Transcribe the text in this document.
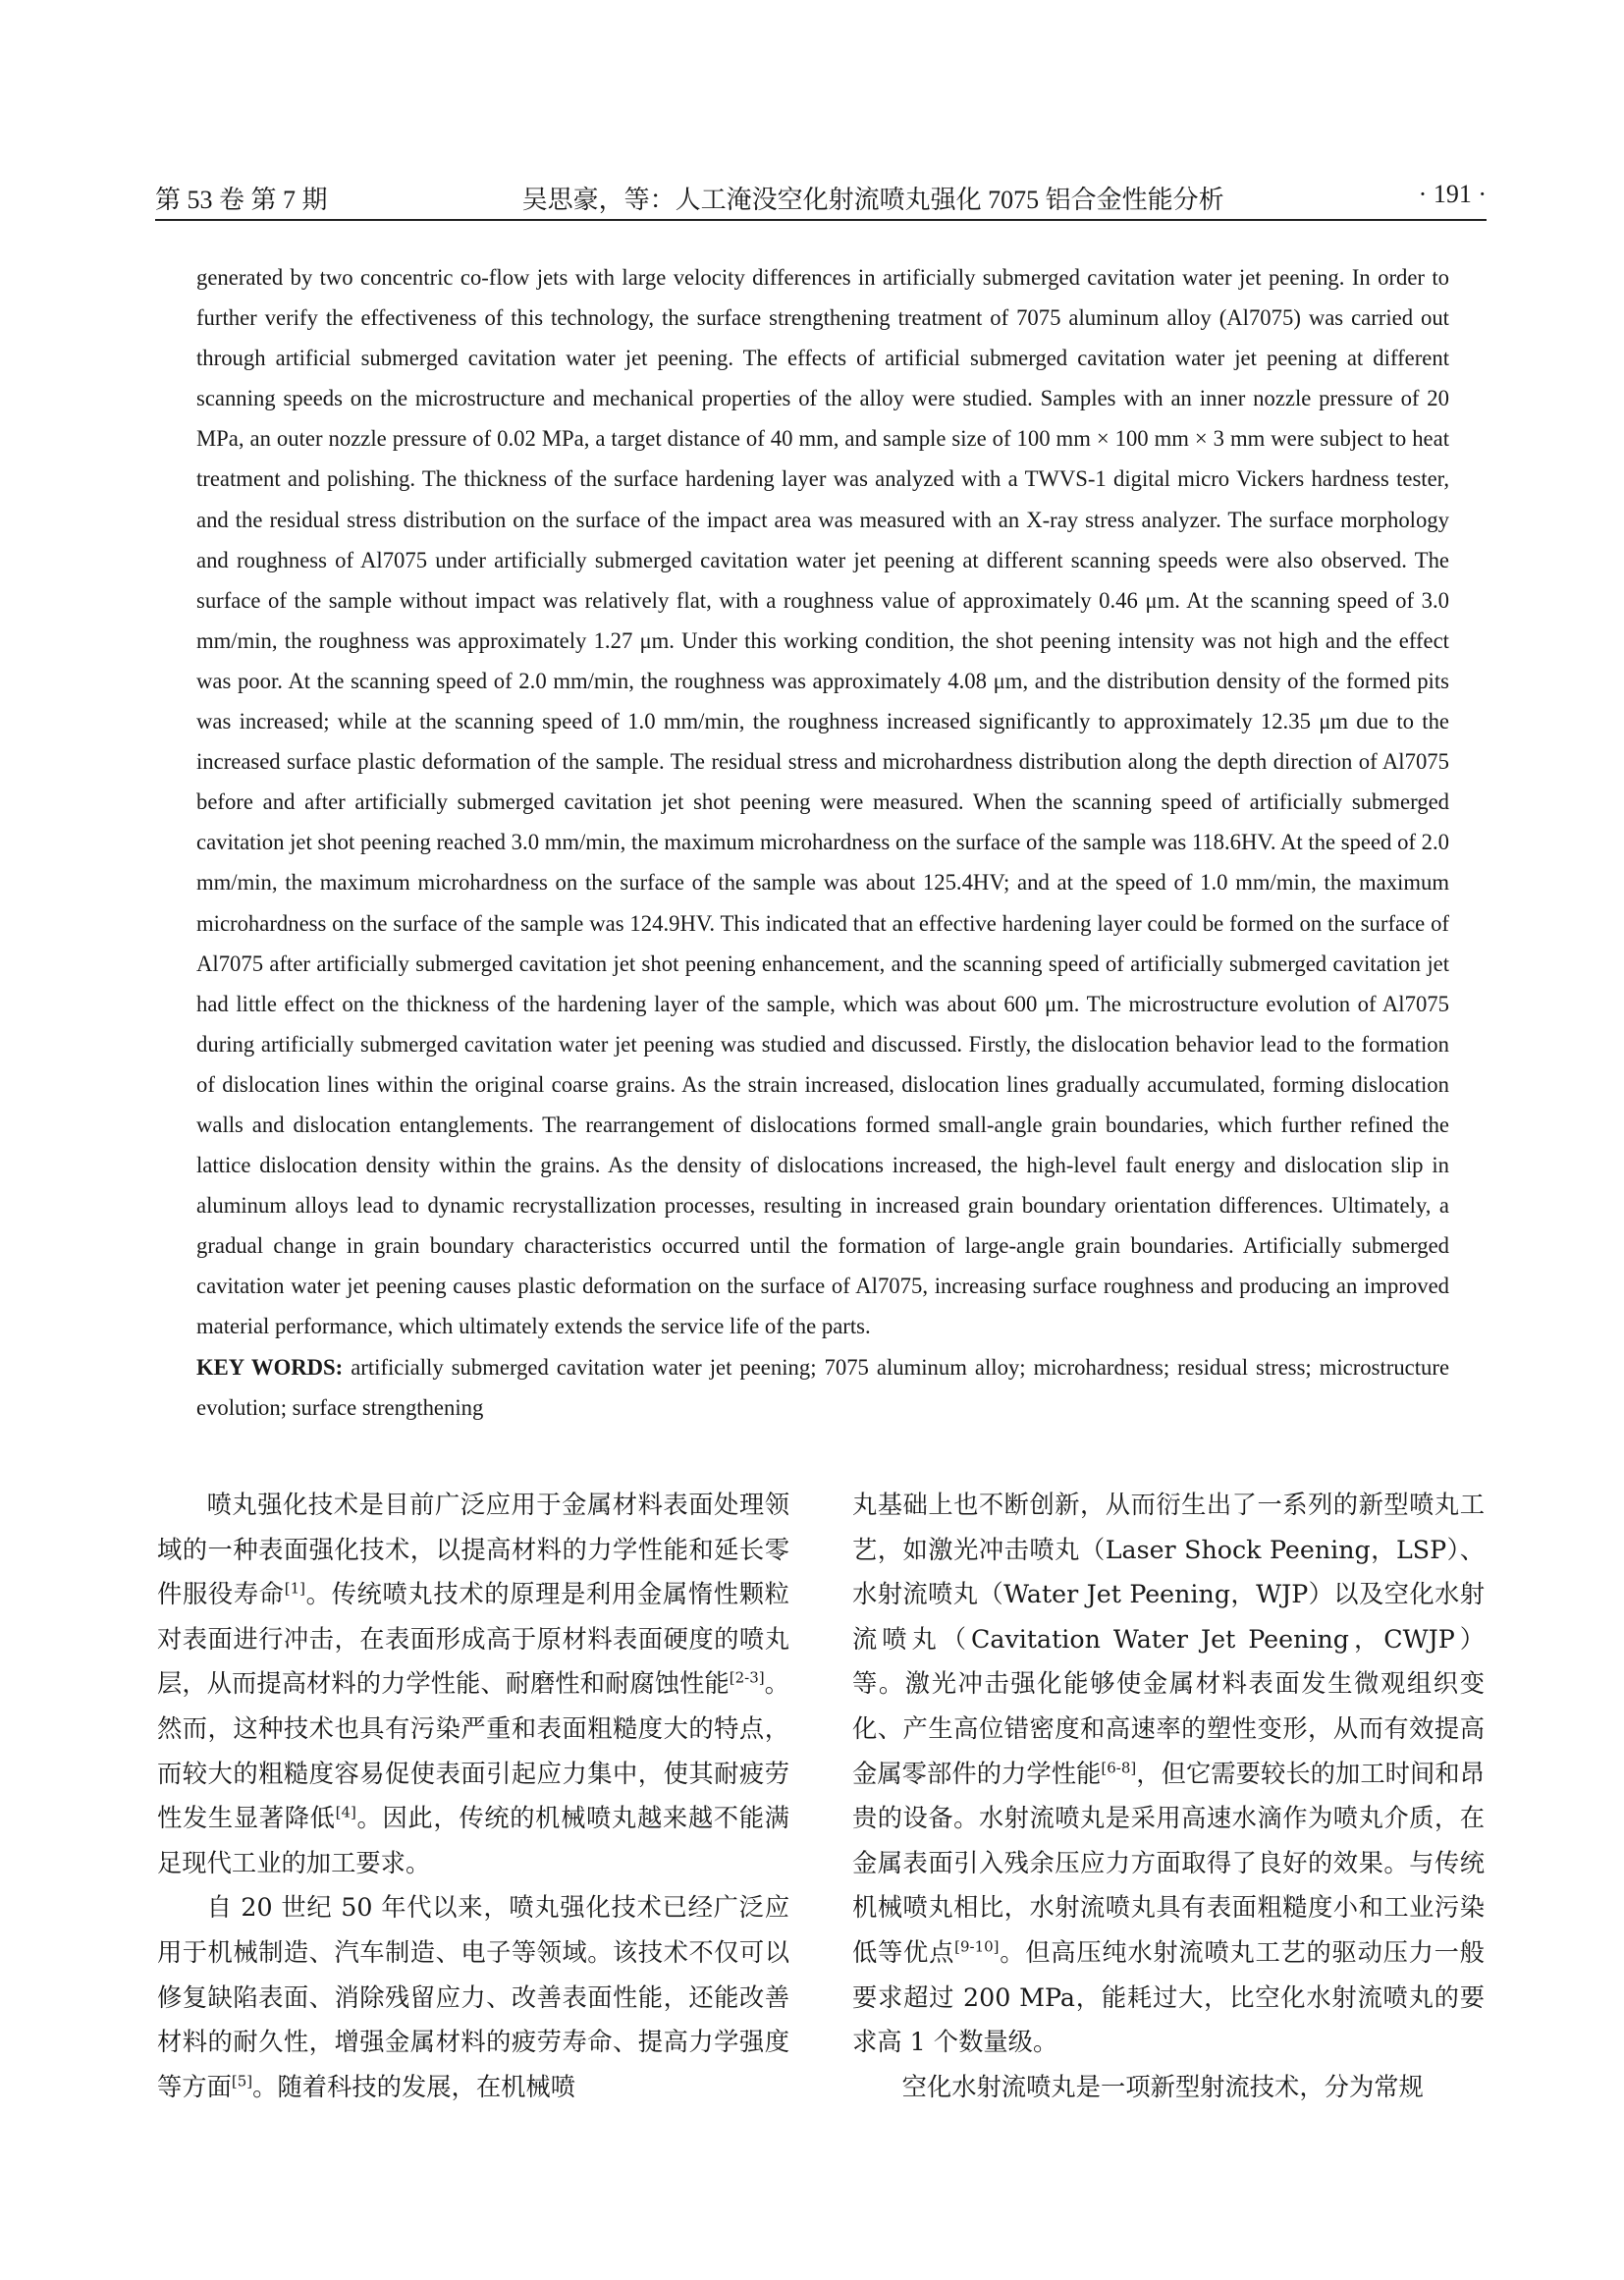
第 53 卷 第 7 期	吴思豪，等：人工淹没空化射流喷丸强化 7075 铝合金性能分析	· 191 ·

generated by two concentric co-flow jets with large velocity differences in artificially submerged cavitation water jet peening. In order to further verify the effectiveness of this technology, the surface strengthening treatment of 7075 aluminum alloy (Al7075) was carried out through artificial submerged cavitation water jet peening. The effects of artificial submerged cavitation water jet peening at different scanning speeds on the microstructure and mechanical properties of the alloy were studied. Samples with an inner nozzle pressure of 20 MPa, an outer nozzle pressure of 0.02 MPa, a target distance of 40 mm, and sample size of 100 mm × 100 mm × 3 mm were subject to heat treatment and polishing. The thickness of the surface hardening layer was analyzed with a TWVS-1 digital micro Vickers hardness tester, and the residual stress distribution on the surface of the impact area was measured with an X-ray stress analyzer. The surface morphology and roughness of Al7075 under artificially submerged cavitation water jet peening at different scanning speeds were also observed. The surface of the sample without impact was relatively flat, with a roughness value of approximately 0.46 μm. At the scanning speed of 3.0 mm/min, the roughness was approximately 1.27 μm. Under this working condition, the shot peening intensity was not high and the effect was poor. At the scanning speed of 2.0 mm/min, the roughness was approximately 4.08 μm, and the distribution density of the formed pits was increased; while at the scanning speed of 1.0 mm/min, the roughness increased significantly to approximately 12.35 μm due to the increased surface plastic deformation of the sample. The residual stress and microhardness distribution along the depth direction of Al7075 before and after artificially submerged cavitation jet shot peening were measured. When the scanning speed of artificially submerged cavitation jet shot peening reached 3.0 mm/min, the maximum microhardness on the surface of the sample was 118.6HV. At the speed of 2.0 mm/min, the maximum microhardness on the surface of the sample was about 125.4HV; and at the speed of 1.0 mm/min, the maximum microhardness on the surface of the sample was 124.9HV. This indicated that an effective hardening layer could be formed on the surface of Al7075 after artificially submerged cavitation jet shot peening enhancement, and the scanning speed of artificially submerged cavitation jet had little effect on the thickness of the hardening layer of the sample, which was about 600 μm. The microstructure evolution of Al7075 during artificially submerged cavitation water jet peening was studied and discussed. Firstly, the dislocation behavior lead to the formation of dislocation lines within the original coarse grains. As the strain increased, dislocation lines gradually accumulated, forming dislocation walls and dislocation entanglements. The rearrangement of dislocations formed small-angle grain boundaries, which further refined the lattice dislocation density within the grains. As the density of dislocations increased, the high-level fault energy and dislocation slip in aluminum alloys lead to dynamic recrystallization processes, resulting in increased grain boundary orientation differences. Ultimately, a gradual change in grain boundary characteristics occurred until the formation of large-angle grain boundaries. Artificially submerged cavitation water jet peening causes plastic deformation on the surface of Al7075, increasing surface roughness and producing an improved material performance, which ultimately extends the service life of the parts.

KEY WORDS: artificially submerged cavitation water jet peening; 7075 aluminum alloy; microhardness; residual stress; microstructure evolution; surface strengthening

喷丸强化技术是目前广泛应用于金属材料表面处理领域的一种表面强化技术，以提高材料的力学性能和延长零件服役寿命[1]。传统喷丸技术的原理是利用金属惰性颗粒对表面进行冲击，在表面形成高于原材料表面硬度的喷丸层，从而提高材料的力学性能、耐磨性和耐腐蚀性能[2-3]。然而，这种技术也具有污染严重和表面粗糙度大的特点，而较大的粗糙度容易促使表面引起应力集中，使其耐疲劳性发生显著降低[4]。因此，传统的机械喷丸越来越不能满足现代工业的加工要求。

自 20 世纪 50 年代以来，喷丸强化技术已经广泛应用于机械制造、汽车制造、电子等领域。该技术不仅可以修复缺陷表面、消除残留应力、改善表面性能，还能改善材料的耐久性，增强金属材料的疲劳寿命、提高力学强度等方面[5]。随着科技的发展，在机械喷

丸基础上也不断创新，从而衍生出了一系列的新型喷丸工艺，如激光冲击喷丸（Laser Shock Peening，LSP）、水射流喷丸（Water Jet Peening，WJP）以及空化水射流喷丸（Cavitation Water Jet Peening，CWJP）等。激光冲击强化能够使金属材料表面发生微观组织变化、产生高位错密度和高速率的塑性变形，从而有效提高金属零部件的力学性能[6-8]，但它需要较长的加工时间和昂贵的设备。水射流喷丸是采用高速水滴作为喷丸介质，在金属表面引入残余压应力方面取得了良好的效果。与传统机械喷丸相比，水射流喷丸具有表面粗糙度小和工业污染低等优点[9-10]。但高压纯水射流喷丸工艺的驱动压力一般要求超过 200 MPa，能耗过大，比空化水射流喷丸的要求高 1 个数量级。

空化水射流喷丸是一项新型射流技术，分为常规
